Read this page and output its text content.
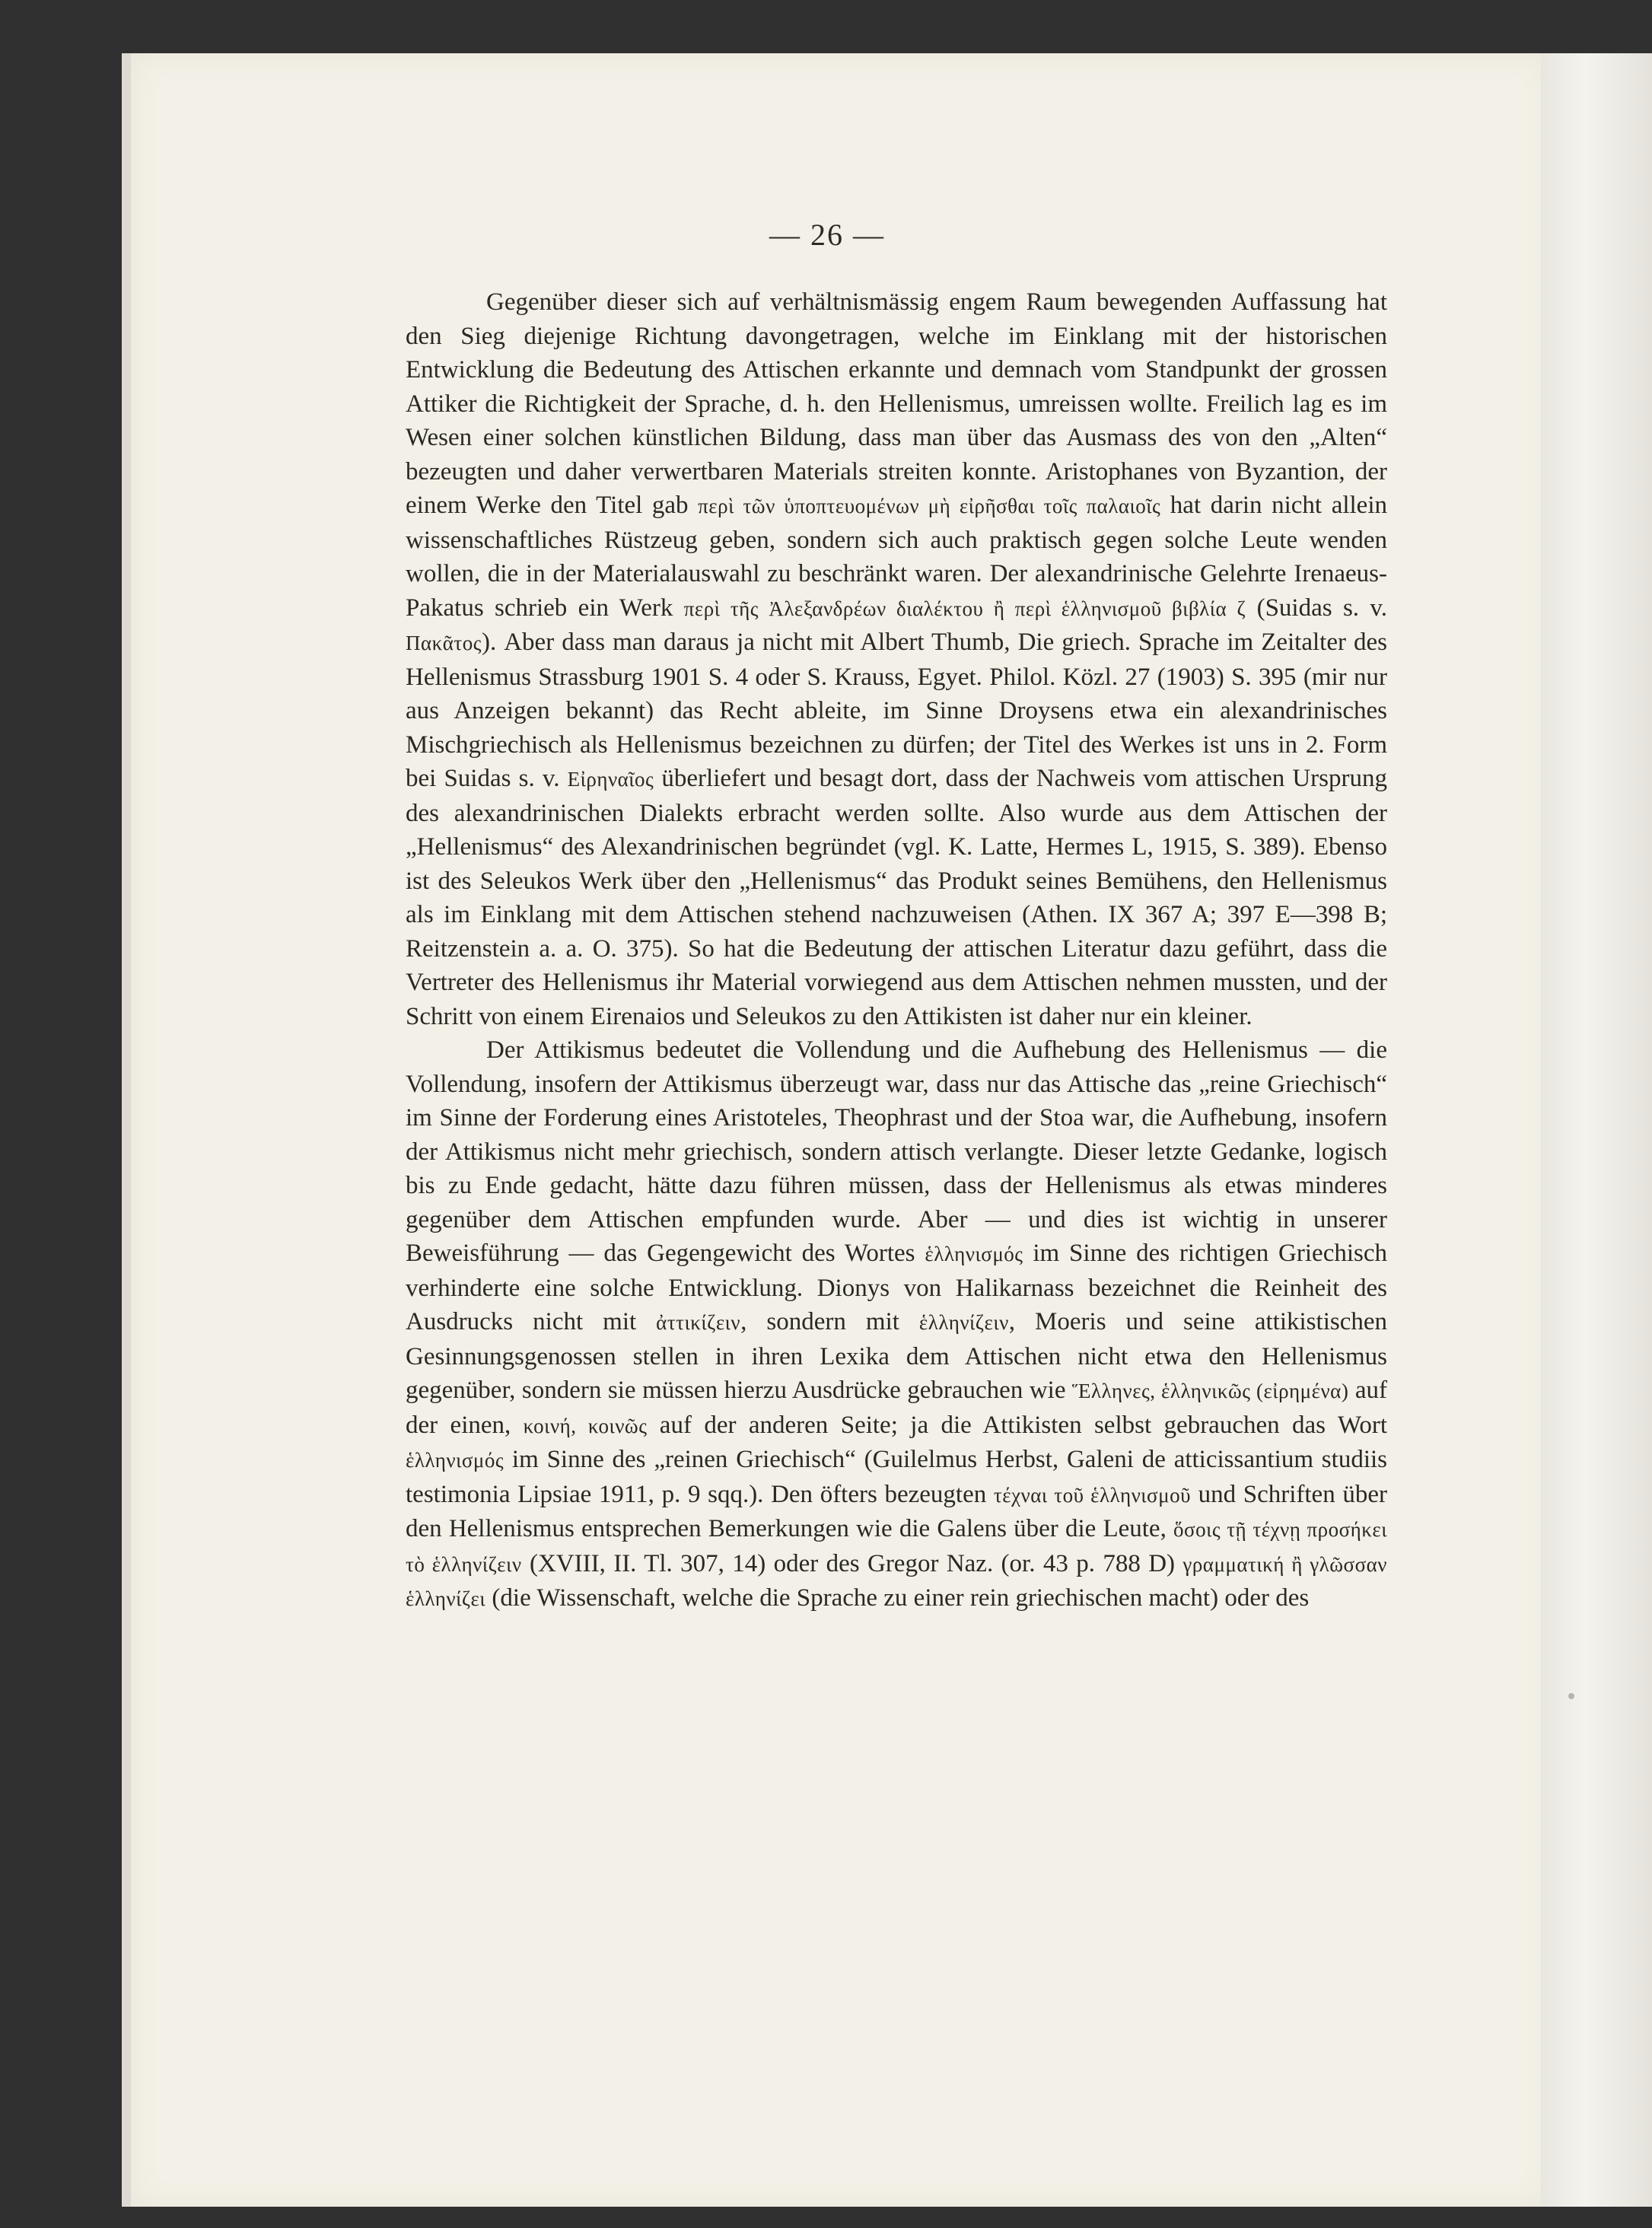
— 26 —

Gegenüber dieser sich auf verhältnismässig engem Raum bewegenden Auffassung hat den Sieg diejenige Richtung davongetragen, welche im Einklang mit der historischen Entwicklung die Bedeutung des Attischen erkannte und demnach vom Standpunkt der grossen Attiker die Richtigkeit der Sprache, d. h. den Hellenismus, umreissen wollte. Freilich lag es im Wesen einer solchen künstlichen Bildung, dass man über das Ausmass des von den „Alten“ bezeugten und daher verwertbaren Materials streiten konnte. Aristophanes von Byzantion, der einem Werke den Titel gab περὶ τῶν ὑποπτευομένων μὴ εἰρῆσθαι τοῖς παλαιοῖς hat darin nicht allein wissenschaftliches Rüstzeug geben, sondern sich auch praktisch gegen solche Leute wenden wollen, die in der Materialauswahl zu beschränkt waren. Der alexandrinische Gelehrte Irenaeus-Pakatus schrieb ein Werk περὶ τῆς Ἀλεξανδρέων διαλέκτου ἢ περὶ ἑλληνισμοῦ βιβλία ζ (Suidas s. v. Πακᾶτος). Aber dass man daraus ja nicht mit Albert Thumb, Die griech. Sprache im Zeitalter des Hellenismus Strassburg 1901 S. 4 oder S. Krauss, Egyet. Philol. Közl. 27 (1903) S. 395 (mir nur aus Anzeigen bekannt) das Recht ableite, im Sinne Droysens etwa ein alexandrinisches Mischgriechisch als Hellenismus bezeichnen zu dürfen; der Titel des Werkes ist uns in 2. Form bei Suidas s. v. Εἰρηναῖος überliefert und besagt dort, dass der Nachweis vom attischen Ursprung des alexandrinischen Dialekts erbracht werden sollte. Also wurde aus dem Attischen der „Hellenismus“ des Alexandrinischen begründet (vgl. K. Latte, Hermes L, 1915, S. 389). Ebenso ist des Seleukos Werk über den „Hellenismus“ das Produkt seines Bemühens, den Hellenismus als im Einklang mit dem Attischen stehend nachzuweisen (Athen. IX 367 A; 397 E—398 B; Reitzenstein a. a. O. 375). So hat die Bedeutung der attischen Literatur dazu geführt, dass die Vertreter des Hellenismus ihr Material vorwiegend aus dem Attischen nehmen mussten, und der Schritt von einem Eirenaios und Seleukos zu den Attikisten ist daher nur ein kleiner.

Der Attikismus bedeutet die Vollendung und die Aufhebung des Hellenismus — die Vollendung, insofern der Attikismus überzeugt war, dass nur das Attische das „reine Griechisch“ im Sinne der Forderung eines Aristoteles, Theophrast und der Stoa war, die Aufhebung, insofern der Attikismus nicht mehr griechisch, sondern attisch verlangte. Dieser letzte Gedanke, logisch bis zu Ende gedacht, hätte dazu führen müssen, dass der Hellenismus als etwas minderes gegenüber dem Attischen empfunden wurde. Aber — und dies ist wichtig in unserer Beweisführung — das Gegengewicht des Wortes ἑλληνισμός im Sinne des richtigen Griechisch verhinderte eine solche Entwicklung. Dionys von Halikarnass bezeichnet die Reinheit des Ausdrucks nicht mit ἀττικίζειν, sondern mit ἑλληνίζειν, Moeris und seine attikistischen Gesinnungsgenossen stellen in ihren Lexika dem Attischen nicht etwa den Hellenismus gegenüber, sondern sie müssen hierzu Ausdrücke gebrauchen wie Ἕλληνες, ἑλληνικῶς (εἰρημένα) auf der einen, κοινή, κοινῶς auf der anderen Seite; ja die Attikisten selbst gebrauchen das Wort ἑλληνισμός im Sinne des „reinen Griechisch“ (Guilelmus Herbst, Galeni de atticissantium studiis testimonia Lipsiae 1911, p. 9 sqq.). Den öfters bezeugten τέχναι τοῦ ἑλληνισμοῦ und Schriften über den Hellenismus entsprechen Bemerkungen wie die Galens über die Leute, ὅσοις τῇ τέχνῃ προσήκει τὸ ἑλληνίζειν (XVIII, II. Tl. 307, 14) oder des Gregor Naz. (or. 43 p. 788 D) γραμματική ἢ γλῶσσαν ἑλληνίζει (die Wissenschaft, welche die Sprache zu einer rein griechischen macht) oder des
